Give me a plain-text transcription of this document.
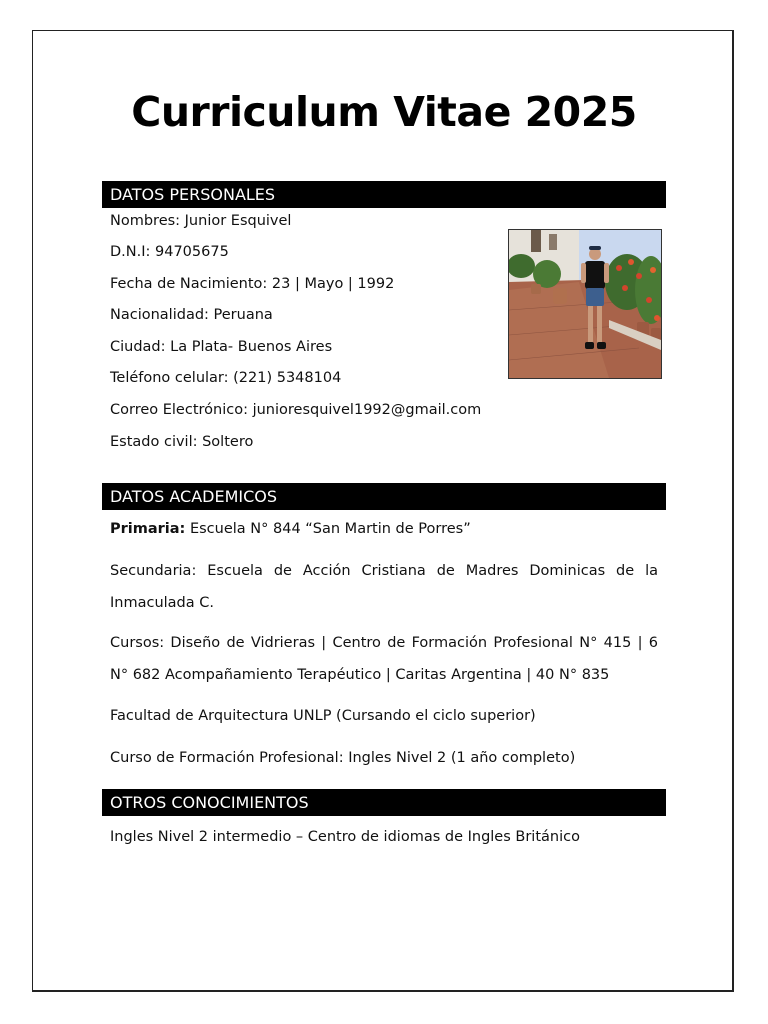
Curriculum Vitae 2025
DATOS PERSONALES
Nombres: Junior Esquivel
D.N.I: 94705675
Fecha de Nacimiento: 23 | Mayo | 1992
Nacionalidad: Peruana
Ciudad: La Plata- Buenos Aires
Teléfono celular: (221) 5348104
Correo Electrónico: junioresquivel1992@gmail.com
Estado civil: Soltero
DATOS ACADEMICOS
Primaria: Escuela N° 844 “San Martin de Porres”
Secundaria: Escuela de Acción Cristiana de Madres Dominicas de la
Inmaculada C.
Cursos: Diseño de Vidrieras | Centro de Formación Profesional N° 415 | 6
N° 682 Acompañamiento Terapéutico | Caritas Argentina | 40 N° 835
Facultad de Arquitectura UNLP (Cursando el ciclo superior)
Curso de Formación Profesional: Ingles Nivel 2 (1 año completo)
OTROS CONOCIMIENTOS
Ingles Nivel 2 intermedio – Centro de idiomas de Ingles Británico
